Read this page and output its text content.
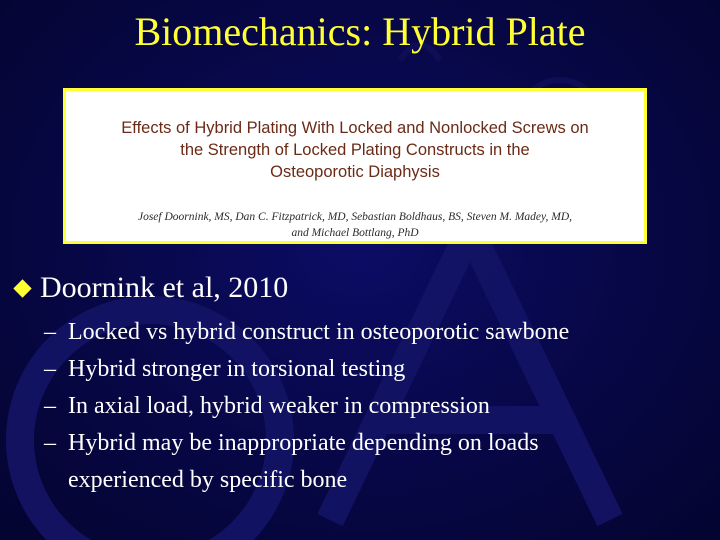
Biomechanics: Hybrid Plate
Effects of Hybrid Plating With Locked and Nonlocked Screws on
the Strength of Locked Plating Constructs in the
Osteoporotic Diaphysis
Josef Doornink, MS, Dan C. Fitzpatrick, MD, Sebastian Boldhaus, BS, Steven M. Madey, MD,
and Michael Bottlang, PhD
Doornink et al, 2010
– Locked vs hybrid construct in osteoporotic sawbone
– Hybrid stronger in torsional testing
– In axial load, hybrid weaker in compression
– Hybrid may be inappropriate depending on loads
experienced by specific bone
